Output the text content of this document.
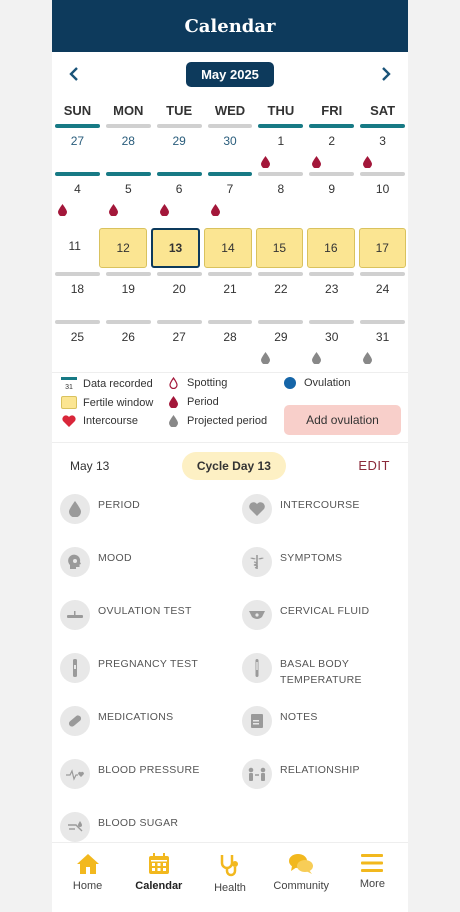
Calendar
May 2025
SUN	MON	TUE	WED	THU	FRI	SAT
27	28	29	30	1	2	3
4	5	6	7	8	9	10
11	12	13	14	15	16	17
18	19	20	21	22	23	24
25	26	27	28	29	30	31
31 Data recorded
Fertile window
Intercourse
Spotting
Period
Projected period
Ovulation
Add ovulation
May 13	Cycle Day 13	EDIT
PERIOD	INTERCOURSE
MOOD	SYMPTOMS
OVULATION TEST	CERVICAL FLUID
PREGNANCY TEST	BASAL BODY TEMPERATURE
MEDICATIONS	NOTES
BLOOD PRESSURE	RELATIONSHIP
BLOOD SUGAR
Home	Calendar	Health Community	More
